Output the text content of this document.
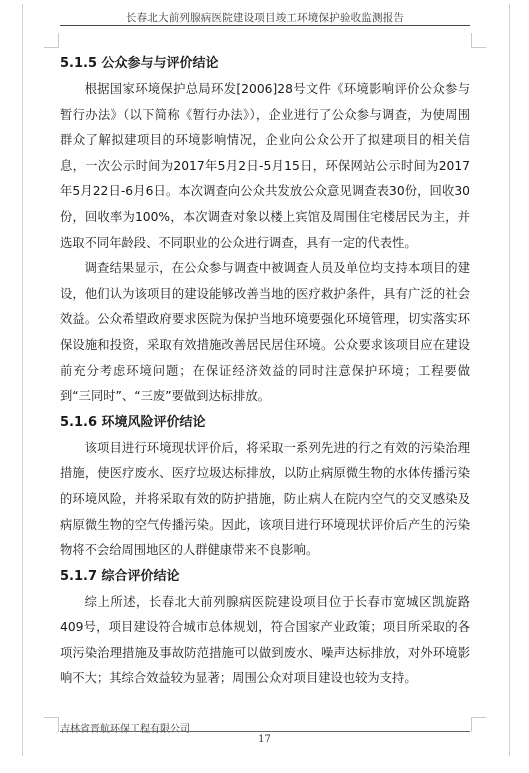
长春北大前列腺病医院建设项目竣工环境保护验收监测报告
5.1.5 公众参与与评价结论

根据国家环境保护总局环发[2006]28号文件《环境影响评价公众参与暂行办法》（以下简称《暂行办法》），企业进行了公众参与调查，为使周围群众了解拟建项目的环境影响情况，企业向公众公开了拟建项目的相关信息，一次公示时间为2017年5月2日-5月15日，环保网站公示时间为2017年5月22日-6月6日。本次调查向公众共发放公众意见调查表30份，回收30份，回收率为100%，本次调查对象以楼上宾馆及周围住宅楼居民为主，并选取不同年龄段、不同职业的公众进行调查，具有一定的代表性。

调查结果显示，在公众参与调查中被调查人员及单位均支持本项目的建设，他们认为该项目的建设能够改善当地的医疗救护条件，具有广泛的社会效益。公众希望政府要求医院为保护当地环境要强化环境管理，切实落实环保设施和投资，采取有效措施改善居民居住环境。公众要求该项目应在建设前充分考虑环境问题；在保证经济效益的同时注意保护环境；工程要做到“三同时”、“三废”要做到达标排放。

5.1.6 环境风险评价结论

该项目进行环境现状评价后，将采取一系列先进的行之有效的污染治理措施，使医疗废水、医疗垃圾达标排放，以防止病原微生物的水体传播污染的环境风险，并将采取有效的防护措施，防止病人在院内空气的交叉感染及病原微生物的空气传播污染。因此，该项目进行环境现状评价后产生的污染物将不会给周围地区的人群健康带来不良影响。

5.1.7 综合评价结论

综上所述，长春北大前列腺病医院建设项目位于长春市宽城区凯旋路409号，项目建设符合城市总体规划，符合国家产业政策；项目所采取的各项污染治理措施及事故防范措施可以做到废水、噪声达标排放，对外环境影响不大；其综合效益较为显著；周围公众对项目建设也较为支持。

吉林省晋航环保工程有限公司
17
